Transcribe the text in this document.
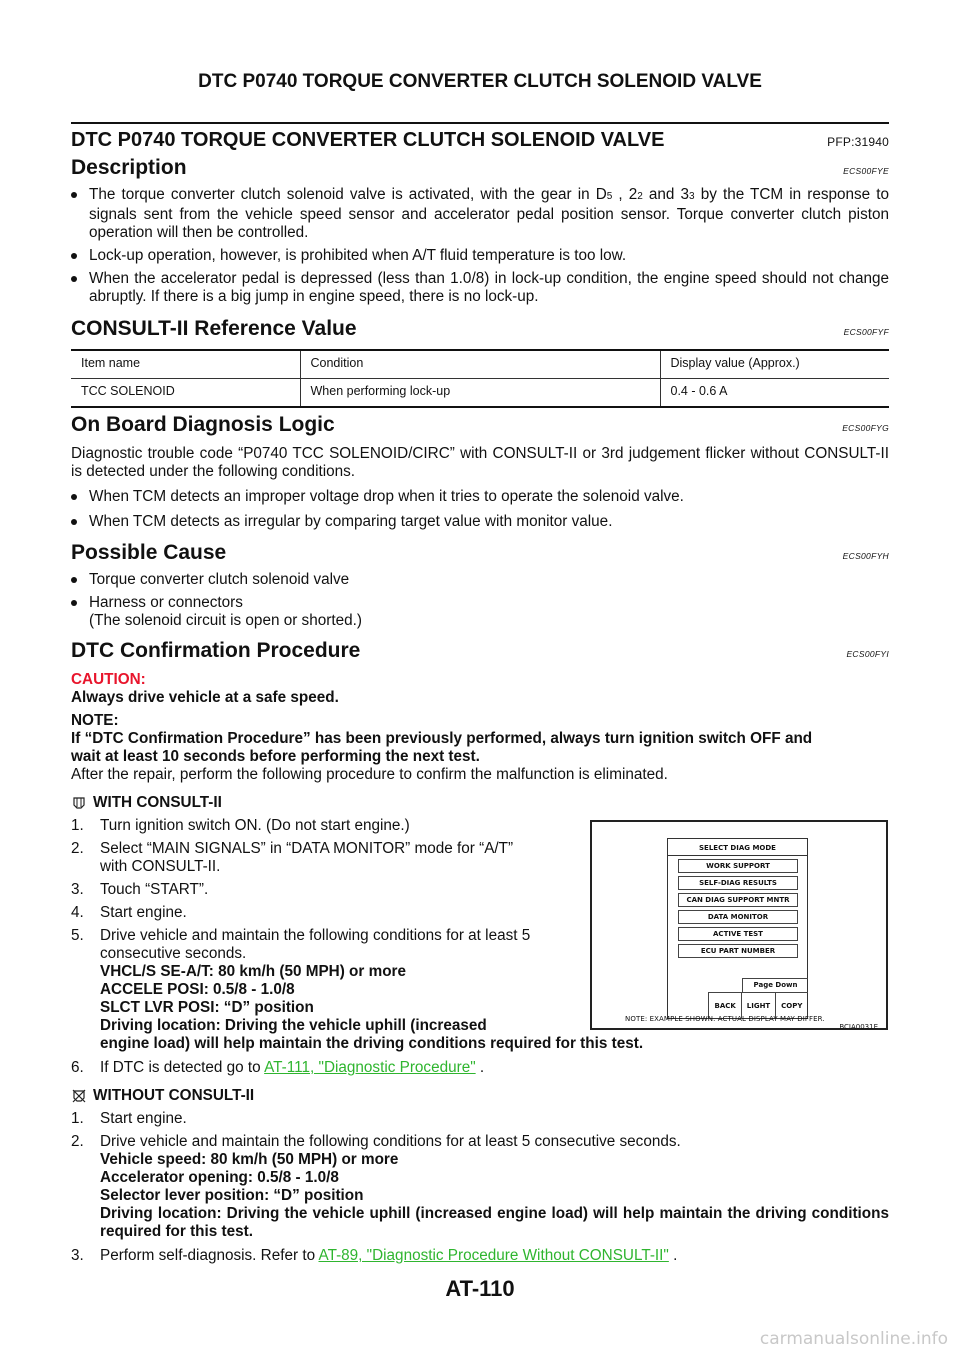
DTC P0740 TORQUE CONVERTER CLUTCH SOLENOID VALVE
DTC P0740 TORQUE CONVERTER CLUTCH SOLENOID VALVE	PFP:31940
Description	ECS00FYE
The torque converter clutch solenoid valve is activated, with the gear in D5 , 22 and 33 by the TCM in response to signals sent from the vehicle speed sensor and accelerator pedal position sensor. Torque converter clutch piston operation will then be controlled.
Lock-up operation, however, is prohibited when A/T fluid temperature is too low.
When the accelerator pedal is depressed (less than 1.0/8) in lock-up condition, the engine speed should not change abruptly. If there is a big jump in engine speed, there is no lock-up.
CONSULT-II Reference Value	ECS00FYF
Item name	Condition	Display value (Approx.)
TCC SOLENOID	When performing lock-up	0.4 - 0.6 A
On Board Diagnosis Logic	ECS00FYG
Diagnostic trouble code “P0740 TCC SOLENOID/CIRC” with CONSULT-II or 3rd judgement flicker without CONSULT-II is detected under the following conditions.
When TCM detects an improper voltage drop when it tries to operate the solenoid valve.
When TCM detects as irregular by comparing target value with monitor value.
Possible Cause	ECS00FYH
Torque converter clutch solenoid valve
Harness or connectors
(The solenoid circuit is open or shorted.)
DTC Confirmation Procedure	ECS00FYI
CAUTION:
Always drive vehicle at a safe speed.
NOTE:
If “DTC Confirmation Procedure” has been previously performed, always turn ignition switch OFF and
wait at least 10 seconds before performing the next test.
After the repair, perform the following procedure to confirm the malfunction is eliminated.
WITH CONSULT-II
1.	Turn ignition switch ON. (Do not start engine.)
2.	Select “MAIN SIGNALS” in “DATA MONITOR” mode for “A/T”
with CONSULT-II.
3.	Touch “START”.
4.	Start engine.
5.	Drive vehicle and maintain the following conditions for at least 5
consecutive seconds.
VHCL/S SE-A/T: 80 km/h (50 MPH) or more
ACCELE POSI: 0.5/8 - 1.0/8
SLCT LVR POSI: “D” position
Driving location: Driving the vehicle uphill (increased
engine load) will help maintain the driving conditions required for this test.
6.	If DTC is detected go to AT-111, "Diagnostic Procedure" .
WITHOUT CONSULT-II
1.	Start engine.
2.	Drive vehicle and maintain the following conditions for at least 5 consecutive seconds.
Vehicle speed: 80 km/h (50 MPH) or more
Accelerator opening: 0.5/8 - 1.0/8
Selector lever position: “D” position
Driving location: Driving the vehicle uphill (increased engine load) will help maintain the driving conditions required for this test.
3.	Perform self-diagnosis. Refer to AT-89, "Diagnostic Procedure Without CONSULT-II" .
SELECT DIAG MODE
WORK SUPPORT
SELF-DIAG RESULTS
CAN DIAG SUPPORT MNTR
DATA MONITOR
ACTIVE TEST
ECU PART NUMBER
Page Down
BACK	LIGHT	COPY
NOTE: EXAMPLE SHOWN. ACTUAL DISPLAY MAY DIFFER.
BCIA0031E
AT-110
carmanualsonline.info
